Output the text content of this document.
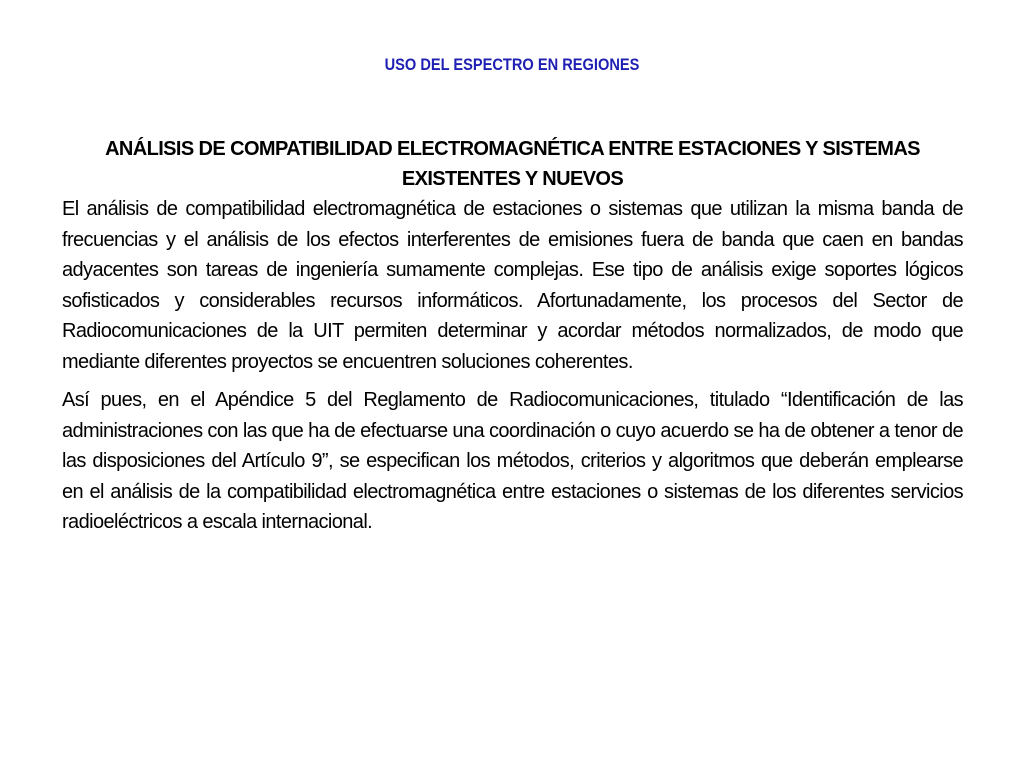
USO DEL ESPECTRO EN REGIONES
ANÁLISIS DE COMPATIBILIDAD ELECTROMAGNÉTICA ENTRE ESTACIONES Y SISTEMAS EXISTENTES Y NUEVOS

El análisis de compatibilidad electromagnética de estaciones o sistemas que utilizan la misma banda de frecuencias y el análisis de los efectos interferentes de emisiones fuera de banda que caen en bandas adyacentes son tareas de ingeniería sumamente complejas. Ese tipo de análisis exige soportes lógicos sofisticados y considerables recursos informáticos. Afortunadamente, los procesos del Sector de Radiocomunicaciones de la UIT permiten determinar y acordar métodos normalizados, de modo que mediante diferentes proyectos se encuentren soluciones coherentes.

Así pues, en el Apéndice 5 del Reglamento de Radiocomunicaciones, titulado “Identificación de las administraciones con las que ha de efectuarse una coordinación o cuyo acuerdo se ha de obtener a tenor de las disposiciones del Artículo 9”, se especifican los métodos, criterios y algoritmos que deberán emplearse en el análisis de la compatibilidad electromagnética entre estaciones o sistemas de los diferentes servicios radioeléctricos a escala internacional.
